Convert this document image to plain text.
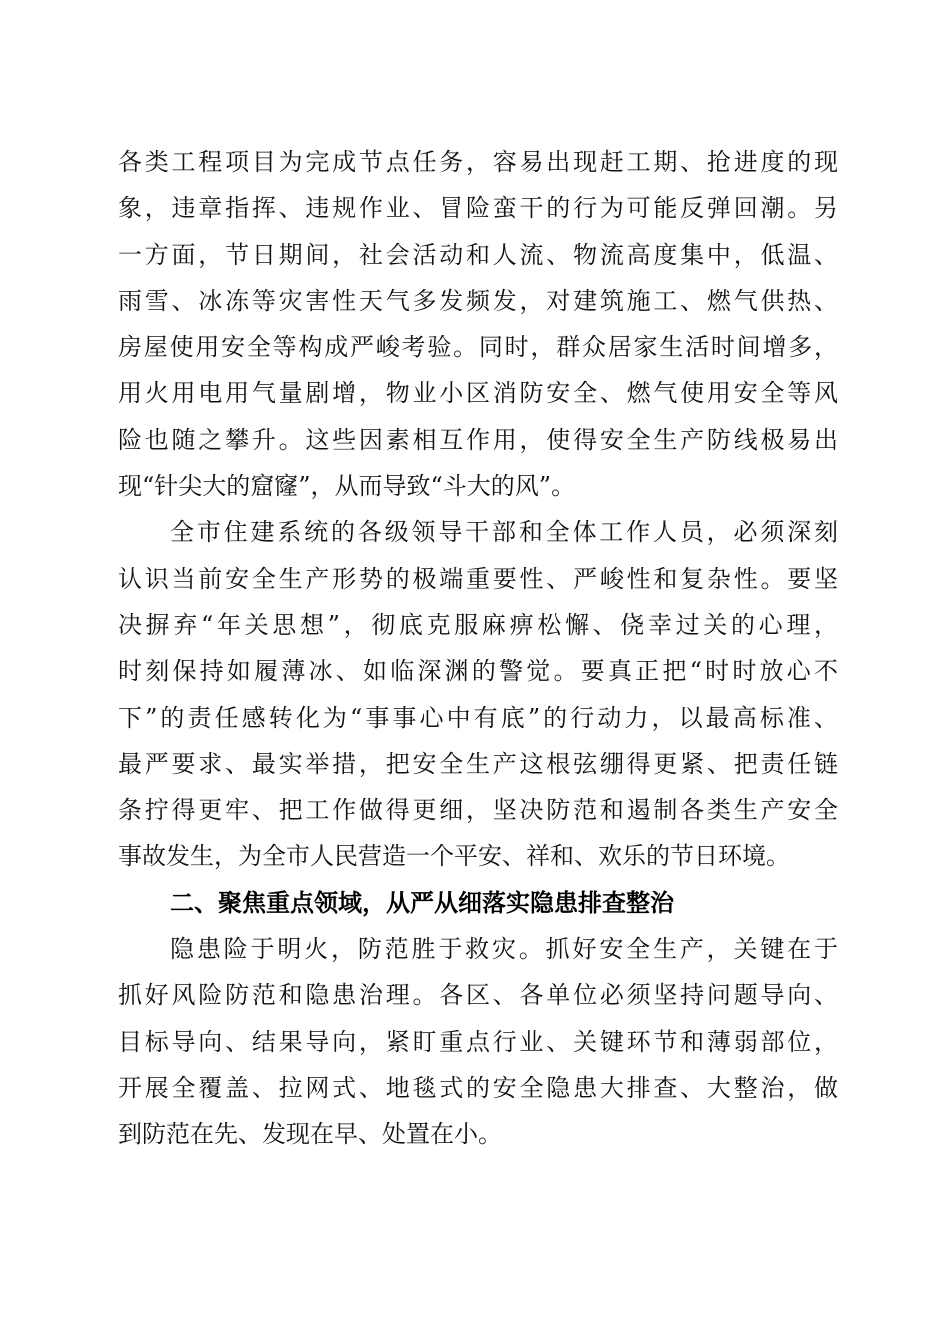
各类工程项目为完成节点任务，容易出现赶工期、抢进度的现
象，违章指挥、违规作业、冒险蛮干的行为可能反弹回潮。另
一方面，节日期间，社会活动和人流、物流高度集中，低温、
雨雪、冰冻等灾害性天气多发频发，对建筑施工、燃气供热、
房屋使用安全等构成严峻考验。同时，群众居家生活时间增多，
用火用电用气量剧增，物业小区消防安全、燃气使用安全等风
险也随之攀升。这些因素相互作用，使得安全生产防线极易出
现“针尖大的窟窿”，从而导致“斗大的风”。
全市住建系统的各级领导干部和全体工作人员，必须深刻
认识当前安全生产形势的极端重要性、严峻性和复杂性。要坚
决摒弃“年关思想”，彻底克服麻痹松懈、侥幸过关的心理，
时刻保持如履薄冰、如临深渊的警觉。要真正把“时时放心不
下”的责任感转化为“事事心中有底”的行动力，以最高标准、
最严要求、最实举措，把安全生产这根弦绷得更紧、把责任链
条拧得更牢、把工作做得更细，坚决防范和遏制各类生产安全
事故发生，为全市人民营造一个平安、祥和、欢乐的节日环境。
二、聚焦重点领域，从严从细落实隐患排查整治
隐患险于明火，防范胜于救灾。抓好安全生产，关键在于
抓好风险防范和隐患治理。各区、各单位必须坚持问题导向、
目标导向、结果导向，紧盯重点行业、关键环节和薄弱部位，
开展全覆盖、拉网式、地毯式的安全隐患大排查、大整治，做
到防范在先、发现在早、处置在小。
